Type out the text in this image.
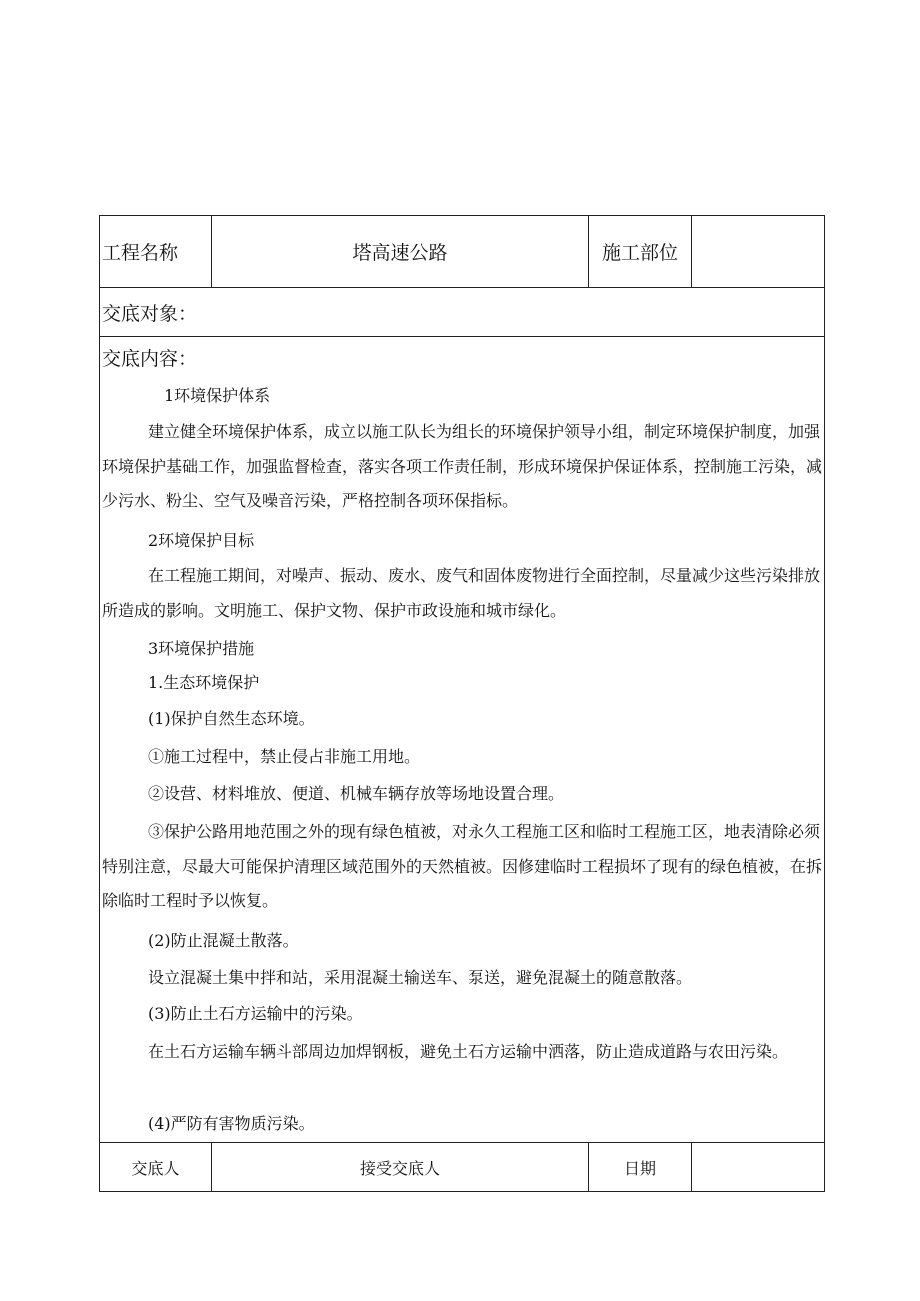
工程名称	塔高速公路	施工部位
交底对象：
交底内容：
1环境保护体系
建立健全环境保护体系，成立以施工队长为组长的环境保护领导小组，制定环境保护制度，加强环境保护基础工作，加强监督检查，落实各项工作责任制，形成环境保护保证体系，控制施工污染，减少污水、粉尘、空气及噪音污染，严格控制各项环保指标。
2环境保护目标
在工程施工期间，对噪声、振动、废水、废气和固体废物进行全面控制，尽量减少这些污染排放所造成的影响。文明施工、保护文物、保护市政设施和城市绿化。
3环境保护措施
1.生态环境保护
(1)保护自然生态环境。
①施工过程中，禁止侵占非施工用地。
②设营、材料堆放、便道、机械车辆存放等场地设置合理。
③保护公路用地范围之外的现有绿色植被，对永久工程施工区和临时工程施工区，地表清除必须特别注意，尽最大可能保护清理区域范围外的天然植被。因修建临时工程损坏了现有的绿色植被，在拆除临时工程时予以恢复。
(2)防止混凝土散落。
设立混凝土集中拌和站，采用混凝土输送车、泵送，避免混凝土的随意散落。
(3)防止土石方运输中的污染。
在土石方运输车辆斗部周边加焊钢板，避免土石方运输中洒落，防止造成道路与农田污染。
(4)严防有害物质污染。
交底人	接受交底人	日期
